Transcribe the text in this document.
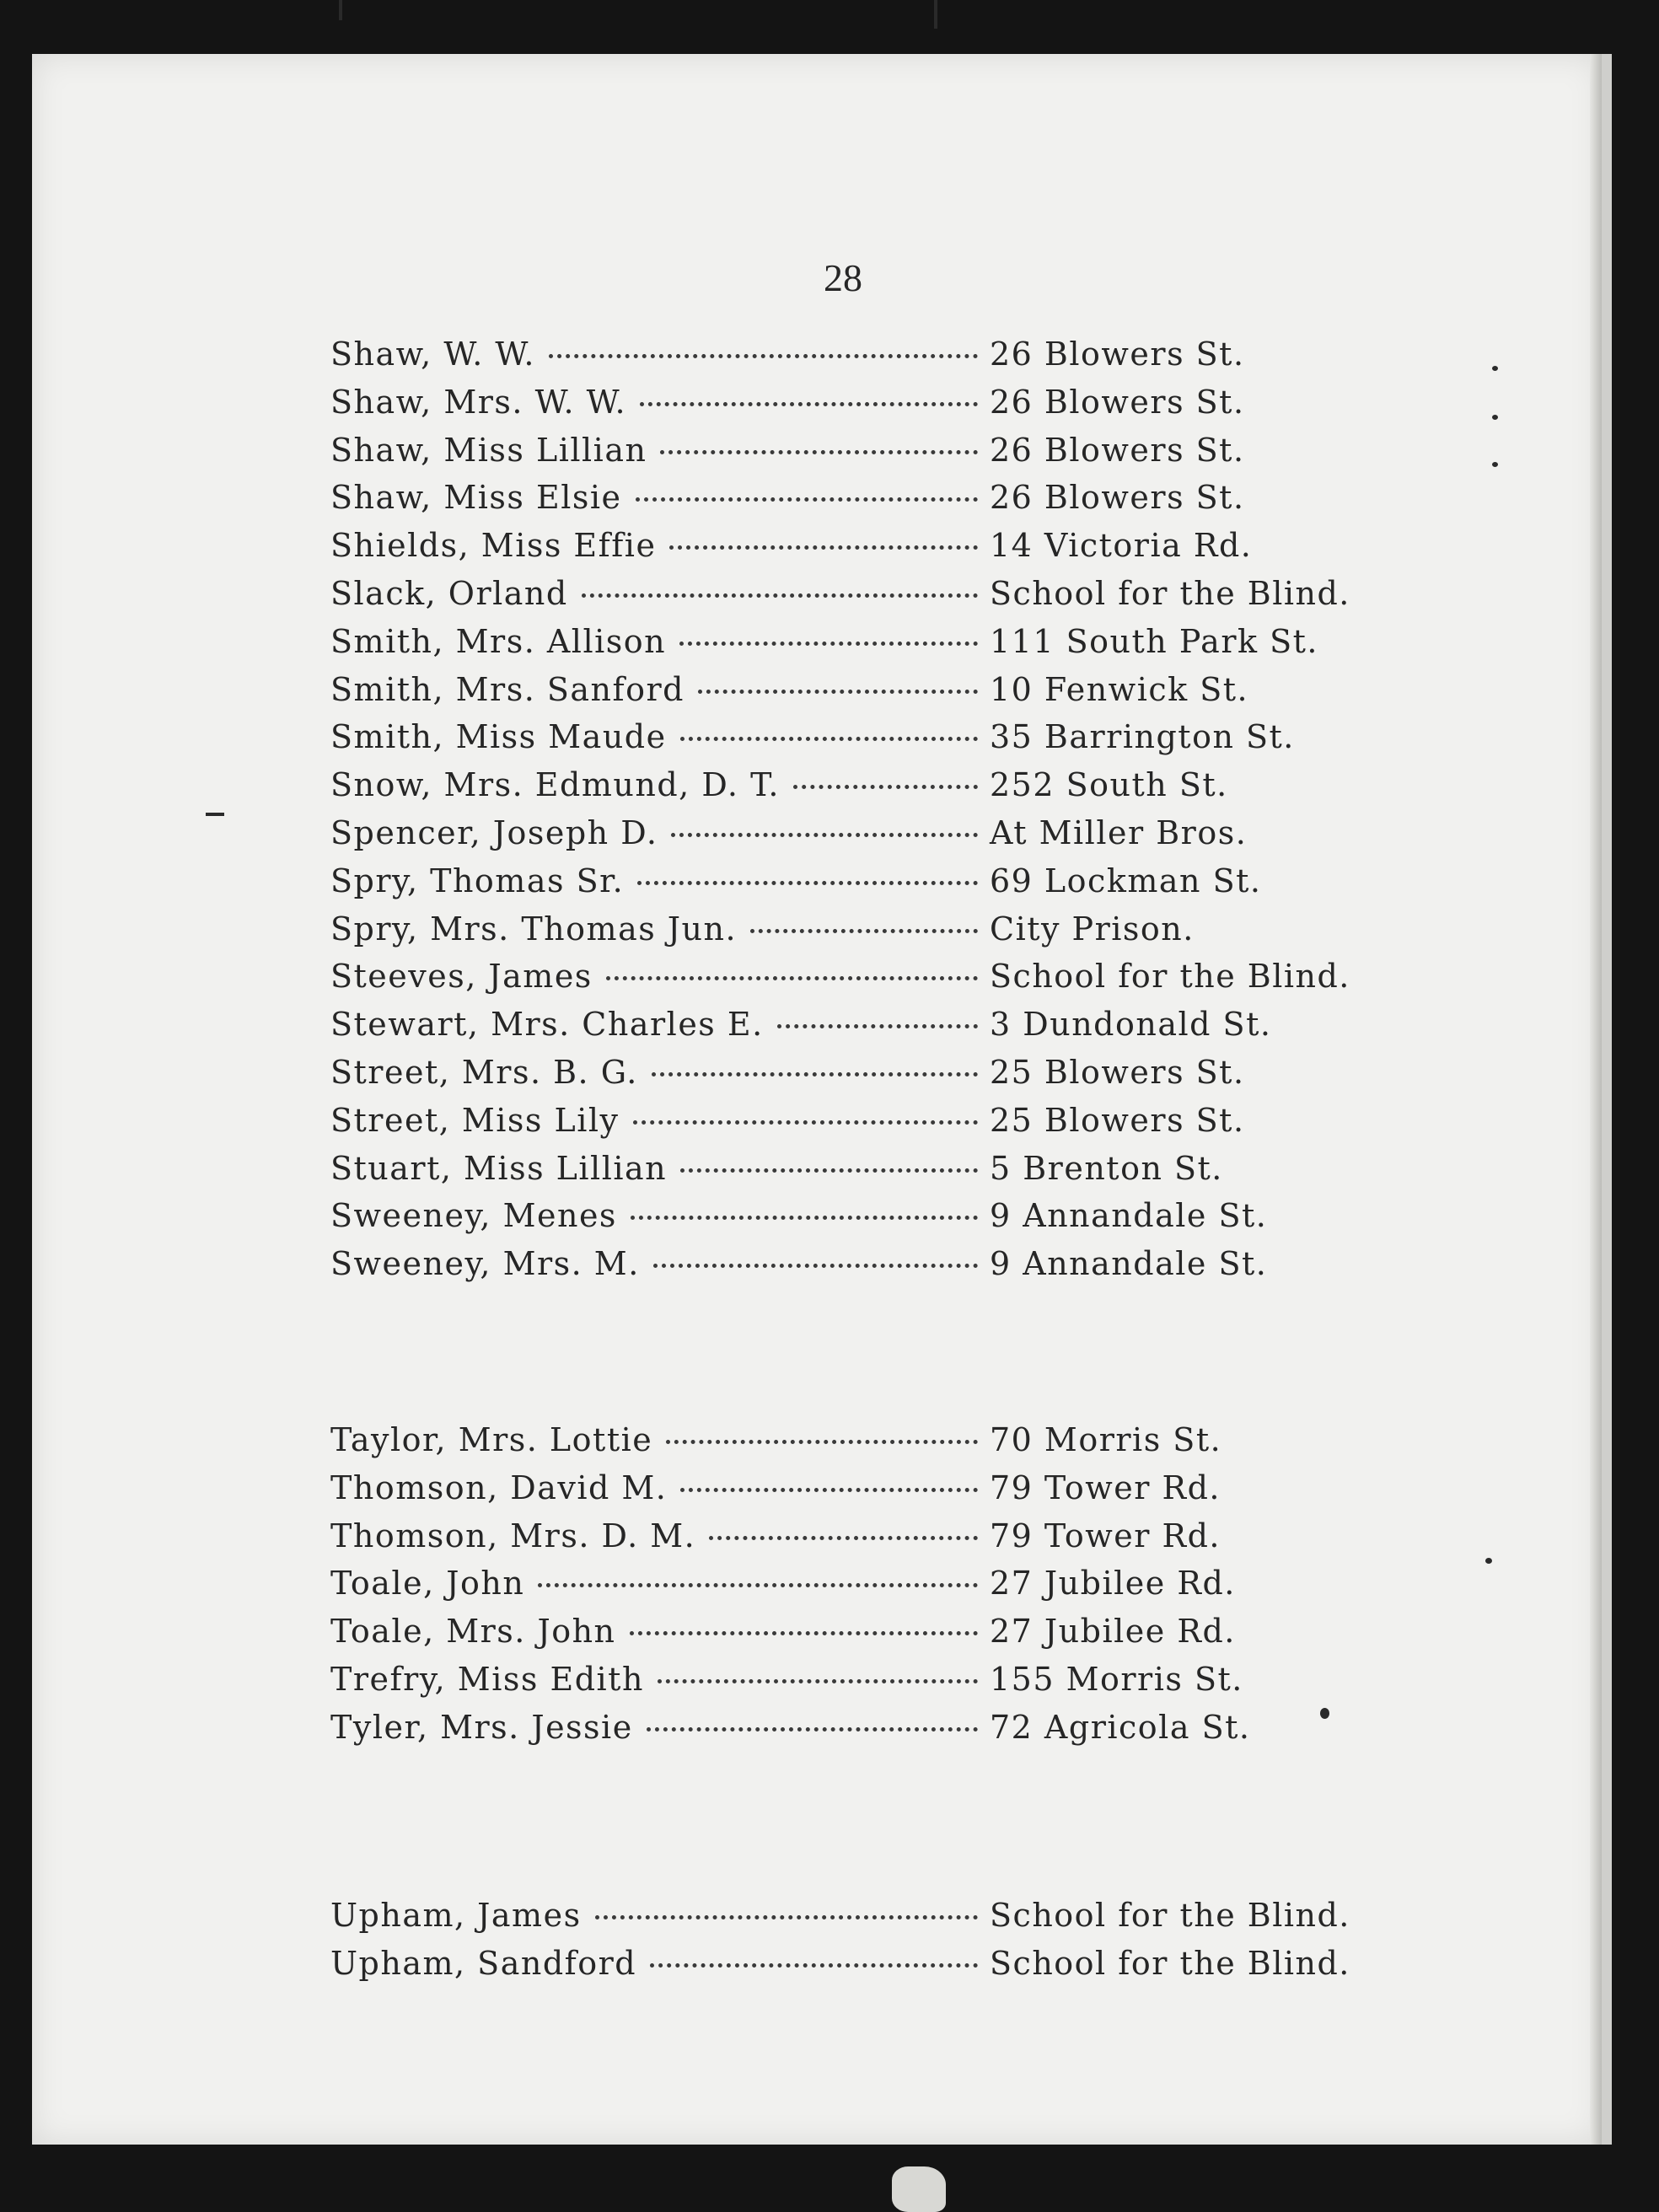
28
Shaw, W. W.	26 Blowers St.
Shaw, Mrs. W. W.	26 Blowers St.
Shaw, Miss Lillian	26 Blowers St.
Shaw, Miss Elsie	26 Blowers St.
Shields, Miss Effie	14 Victoria Rd.
Slack, Orland	School for the Blind.
Smith, Mrs. Allison	111 South Park St.
Smith, Mrs. Sanford	10 Fenwick St.
Smith, Miss Maude	35 Barrington St.
Snow, Mrs. Edmund, D. T.	252 South St.
Spencer, Joseph D.	At Miller Bros.
Spry, Thomas Sr.	69 Lockman St.
Spry, Mrs. Thomas Jun.	City Prison.
Steeves, James	School for the Blind.
Stewart, Mrs. Charles E.	3 Dundonald St.
Street, Mrs. B. G.	25 Blowers St.
Street, Miss Lily	25 Blowers St.
Stuart, Miss Lillian	5 Brenton St.
Sweeney, Menes	9 Annandale St.
Sweeney, Mrs. M.	9 Annandale St.
Taylor, Mrs. Lottie	70 Morris St.
Thomson, David M.	79 Tower Rd.
Thomson, Mrs. D. M.	79 Tower Rd.
Toale, John	27 Jubilee Rd.
Toale, Mrs. John	27 Jubilee Rd.
Trefry, Miss Edith	155 Morris St.
Tyler, Mrs. Jessie	72 Agricola St.
Upham, James	School for the Blind.
Upham, Sandford	School for the Blind.
